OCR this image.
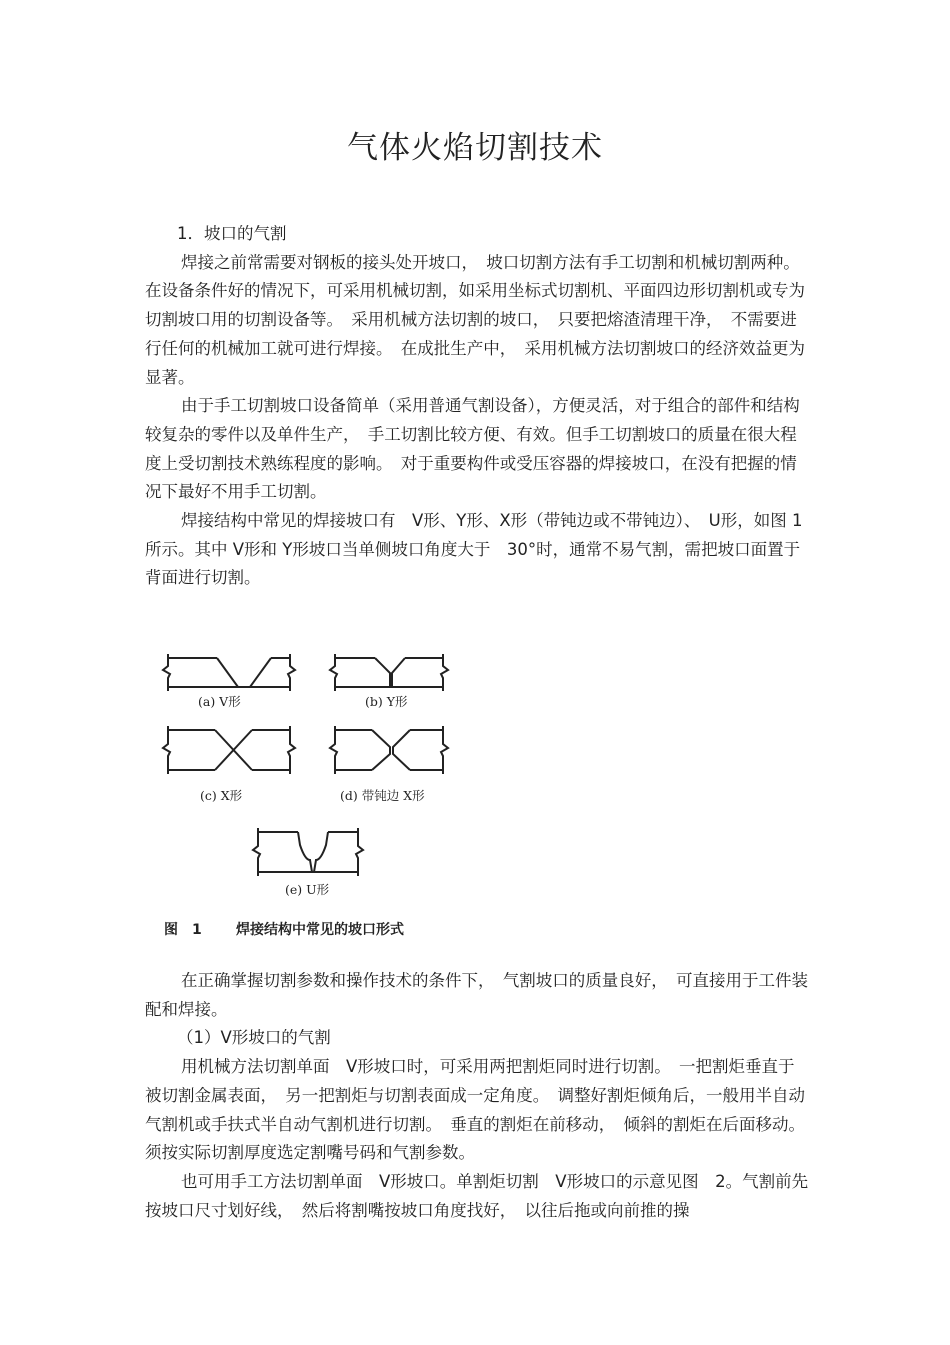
气体火焰切割技术

1．坡口的气割

焊接之前常需要对钢板的接头处开坡口，　坡口切割方法有手工切割和机械切割两种。在设备条件好的情况下，可采用机械切割，如采用坐标式切割机、平面四边形切割机或专为切割坡口用的切割设备等。　采用机械方法切割的坡口，　只要把熔渣清理干净，　不需要进行任何的机械加工就可进行焊接。　在成批生产中，　采用机械方法切割坡口的经济效益更为显著。

由于手工切割坡口设备简单（采用普通气割设备），方便灵活，对于组合的部件和结构较复杂的零件以及单件生产，　手工切割比较方便、有效。但手工切割坡口的质量在很大程度上受切割技术熟练程度的影响。　对于重要构件或受压容器的焊接坡口，在没有把握的情况下最好不用手工切割。

焊接结构中常见的焊接坡口有　V形、Y形、X形（带钝边或不带钝边）、　U形，如图 1所示。其中 V形和 Y形坡口当单侧坡口角度大于　30°时，通常不易气割，需把坡口面置于背面进行切割。

(a) V形	(b) Y形
(c) X形	(d) 带钝边 X形
(e) U形
图　1 焊接结构中常见的坡口形式

在正确掌握切割参数和操作技术的条件下，　气割坡口的质量良好，　可直接用于工件装配和焊接。

（1）V形坡口的气割

用机械方法切割单面　V形坡口时，可采用两把割炬同时进行切割。　一把割炬垂直于被切割金属表面，　另一把割炬与切割表面成一定角度。　调整好割炬倾角后，一般用半自动气割机或手扶式半自动气割机进行切割。　垂直的割炬在前移动，　倾斜的割炬在后面移动。须按实际切割厚度选定割嘴号码和气割参数。

也可用手工方法切割单面　V形坡口。单割炬切割　V形坡口的示意见图　2。气割前先按坡口尺寸划好线，　然后将割嘴按坡口角度找好，　以往后拖或向前推的操
